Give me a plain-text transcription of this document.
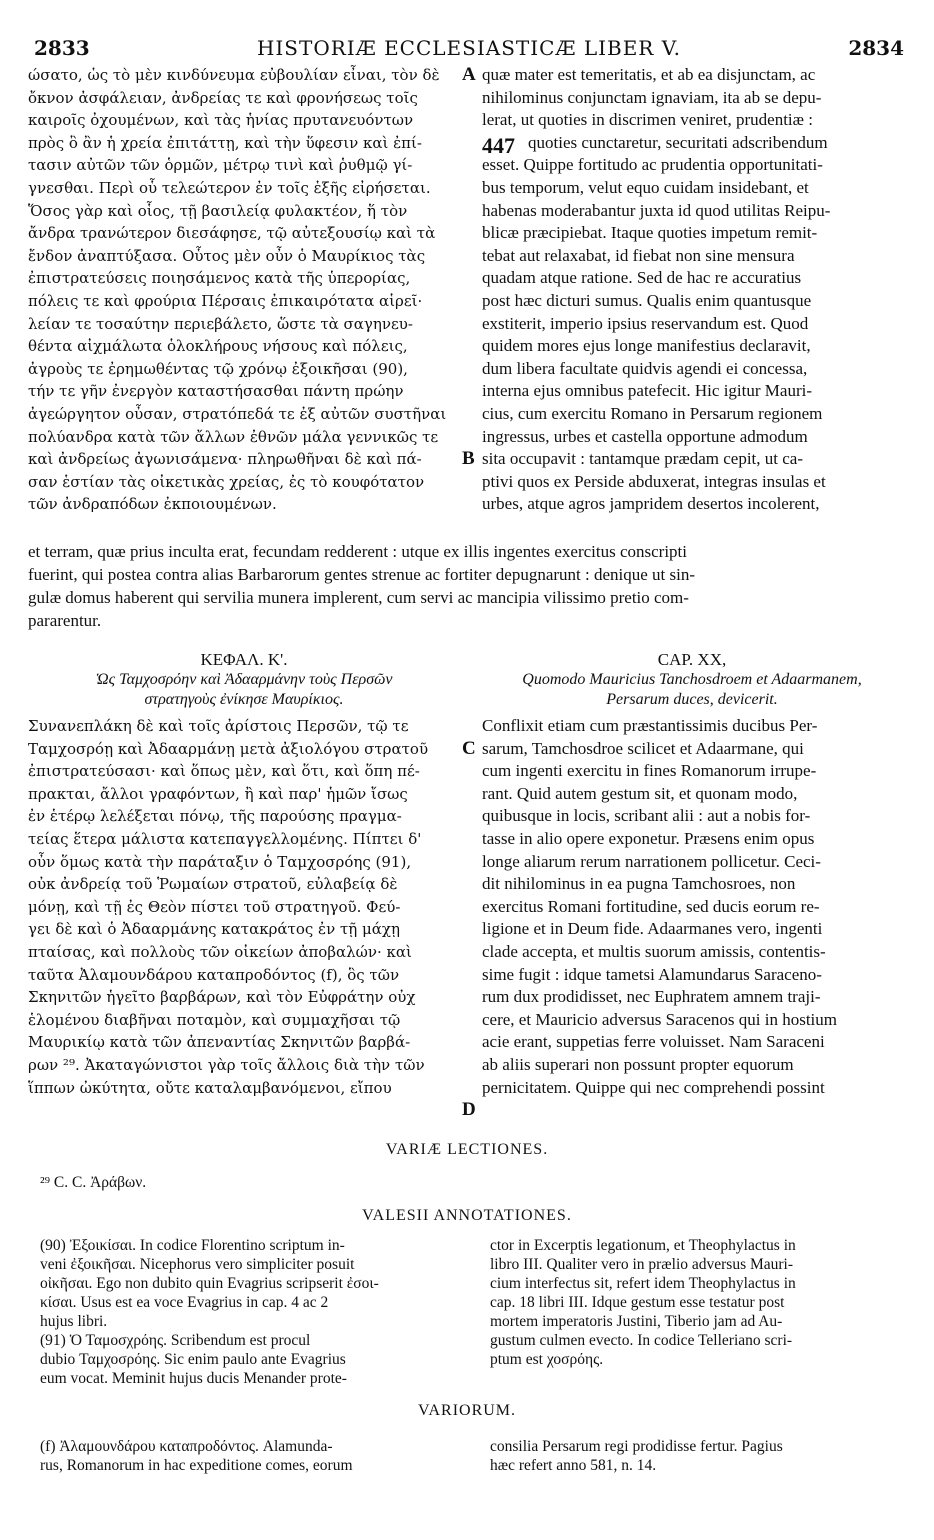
2833	HISTORIÆ ECCLESIASTICÆ LIBER V.	2834
ώσατο, ὡς τὸ μὲν κινδύνευμα εὐβουλίαν εἶναι, τὸν δὲ
ὄκνον ἀσφάλειαν, ἀνδρείας τε καὶ φρονήσεως τοῖς
καιροῖς ὀχουμένων, καὶ τὰς ἡνίας πρυτανευόντων
πρὸς ὃ ἂν ἡ χρεία ἐπιτάττῃ, καὶ τὴν ὕφεσιν καὶ ἐπί-
τασιν αὐτῶν τῶν ὁρμῶν, μέτρῳ τινὶ καὶ ῥυθμῷ γί-
γνεσθαι. Περὶ οὗ τελεώτερον ἐν τοῖς ἑξῆς εἰρήσεται.
Ὅσος γὰρ καὶ οἷος, τῇ βασιλείᾳ φυλακτέον, ἥ τὸν
ἄνδρα τρανώτερον διεσάφησε, τῷ αὐτεξουσίῳ καὶ τὰ
ἔνδον ἀναπτύξασα. Οὗτος μὲν οὖν ὁ Μαυρίκιος τὰς
ἐπιστρατεύσεις ποιησάμενος κατὰ τῆς ὑπερορίας,
πόλεις τε καὶ φρούρια Πέρσαις ἐπικαιρότατα αἱρεῖ·
λείαν τε τοσαύτην περιεβάλετο, ὥστε τὰ σαγηνευ-
θέντα αἰχμάλωτα ὁλοκλήρους νήσους καὶ πόλεις,
ἀγροὺς τε ἐρημωθέντας τῷ χρόνῳ ἐξοικῆσαι (90),
τήν τε γῆν ἐνεργὸν καταστήσασθαι πάντη πρώην
ἀγεώργητον οὖσαν, στρατόπεδά τε ἐξ αὐτῶν συστῆναι
πολύανδρα κατὰ τῶν ἄλλων ἐθνῶν μάλα γεννικῶς τε
καὶ ἀνδρείως ἀγωνισάμενα· πληρωθῆναι δὲ καὶ πά-
σαν ἑστίαν τὰς οἰκετικὰς χρείας, ἐς τὸ κουφότατον
τῶν ἀνδραπόδων ἐκποιουμένων.
A
B
quæ mater est temeritatis, et ab ea disjunctam, ac
nihilominus conjunctam ignaviam, ita ab se depu-
lerat, ut quoties in discrimen veniret, prudentiæ :
quoties cunctaretur, securitati adscribendum
esset. Quippe fortitudo ac prudentia opportunitati-
bus temporum, velut equo cuidam insidebant, et
habenas moderabantur juxta id quod utilitas Reipu-
blicæ præcipiebat. Itaque quoties impetum remit-
tebat aut relaxabat, id fiebat non sine mensura
quadam atque ratione. Sed de hac re accuratius
post hæc dicturi sumus. Qualis enim quantusque
exstiterit, imperio ipsius reservandum est. Quod
quidem mores ejus longe manifestius declaravit,
dum libera facultate quidvis agendi ei concessa,
interna ejus omnibus patefecit. Hic igitur Mauri-
cius, cum exercitu Romano in Persarum regionem
ingressus, urbes et castella opportune admodum
sita occupavit : tantamque prædam cepit, ut ca-
ptivi quos ex Perside abduxerat, integras insulas et
urbes, atque agros jampridem desertos incolerent,
447
et terram, quæ prius inculta erat, fecundam redderent : utque ex illis ingentes exercitus conscripti
fuerint, qui postea contra alias Barbarorum gentes strenue ac fortiter depugnarunt : denique ut sin-
gulæ domus haberent qui servilia munera implerent, cum servi ac mancipia vilissimo pretio com-
pararentur.
ΚΕΦΑΛ. Κ'.
Ὡς Ταμχοσρόην καὶ Ἀδααρμάνην τοὺς Περσῶν
στρατηγοὺς ἐνίκησε Μαυρίκιος.
CAP. XX,
Quomodo Mauricius Tanchosdroem et Adaarmanem,
Persarum duces, devicerit.
Συνανεπλάκη δὲ καὶ τοῖς ἀρίστοις Περσῶν, τῷ τε
Ταμχοσρόῃ καὶ Ἀδααρμάνῃ μετὰ ἀξιολόγου στρατοῦ
ἐπιστρατεύσασι· καὶ ὅπως μὲν, καὶ ὅτι, καὶ ὅπη πέ-
πρακται, ἄλλοι γραφόντων, ἢ καὶ παρ' ἡμῶν ἴσως
ἐν ἑτέρῳ λελέξεται πόνῳ, τῆς παρούσης πραγμα-
τείας ἕτερα μάλιστα κατεπαγγελλομένης. Πίπτει δ'
οὖν ὅμως κατὰ τὴν παράταξιν ὁ Ταμχοσρόης (91),
οὐκ ἀνδρείᾳ τοῦ Ῥωμαίων στρατοῦ, εὐλαβείᾳ δὲ
μόνῃ, καὶ τῇ ἐς Θεὸν πίστει τοῦ στρατηγοῦ. Φεύ-
γει δὲ καὶ ὁ Ἀδααρμάνης κατακράτος ἐν τῇ μάχῃ
πταίσας, καὶ πολλοὺς τῶν οἰκείων ἀποβαλών· καὶ
ταῦτα Ἀλαμουνδάρου καταπροδόντος (f), ὃς τῶν
Σκηνιτῶν ἡγεῖτο βαρβάρων, καὶ τὸν Εὐφράτην οὐχ
ἑλομένου διαβῆναι ποταμὸν, καὶ συμμαχῆσαι τῷ
Μαυρικίῳ κατὰ τῶν ἀπεναντίας Σκηνιτῶν βαρβά-
ρων ²⁹. Ἀκαταγώνιστοι γὰρ τοῖς ἄλλοις διὰ τὴν τῶν
ἵππων ὠκύτητα, οὔτε καταλαμβανόμενοι, εἴπου
C
D
Conflixit etiam cum præstantissimis ducibus Per-
sarum, Tamchosdroe scilicet et Adaarmane, qui
cum ingenti exercitu in fines Romanorum irrupe-
rant. Quid autem gestum sit, et quonam modo,
quibusque in locis, scribant alii : aut a nobis for-
tasse in alio opere exponetur. Præsens enim opus
longe aliarum rerum narrationem pollicetur. Ceci-
dit nihilominus in ea pugna Tamchosroes, non
exercitus Romani fortitudine, sed ducis eorum re-
ligione et in Deum fide. Adaarmanes vero, ingenti
clade accepta, et multis suorum amissis, contentis-
sime fugit : idque tametsi Alamundarus Saraceno-
rum dux prodidisset, nec Euphratem amnem traji-
cere, et Mauricio adversus Saracenos qui in hostium
acie erant, suppetias ferre voluisset. Nam Saraceni
ab aliis superari non possunt propter equorum
pernicitatem. Quippe qui nec comprehendi possint
VARIÆ LECTIONES.
²⁹ C. C. Ἀράβων.
VALESII ANNOTATIONES.
(90) Ἐξοικίσαι. In codice Florentino scriptum in-
veni ἐξοικῆσαι. Nicephorus vero simpliciter posuit
οἰκῆσαι. Ego non dubito quin Evagrius scripserit ἐσοι-
κίσαι. Usus est ea voce Evagrius in cap. 4 ac 2
hujus libri.
(91) Ὁ Ταμοσχρόης. Scribendum est procul
dubio Ταμχοσρόης. Sic enim paulo ante Evagrius
eum vocat. Meminit hujus ducis Menander prote-
ctor in Excerptis legationum, et Theophylactus in
libro III. Qualiter vero in prælio adversus Mauri-
cium interfectus sit, refert idem Theophylactus in
cap. 18 libri III. Idque gestum esse testatur post
mortem imperatoris Justini, Tiberio jam ad Au-
gustum culmen evecto. In codice Telleriano scri-
ptum est χοσρόης.
VARIORUM.
(f) Ἀλαμουνδάρου καταπροδόντος. Alamunda-
rus, Romanorum in hac expeditione comes, eorum
consilia Persarum regi prodidisse fertur. Pagius
hæc refert anno 581, n. 14.
